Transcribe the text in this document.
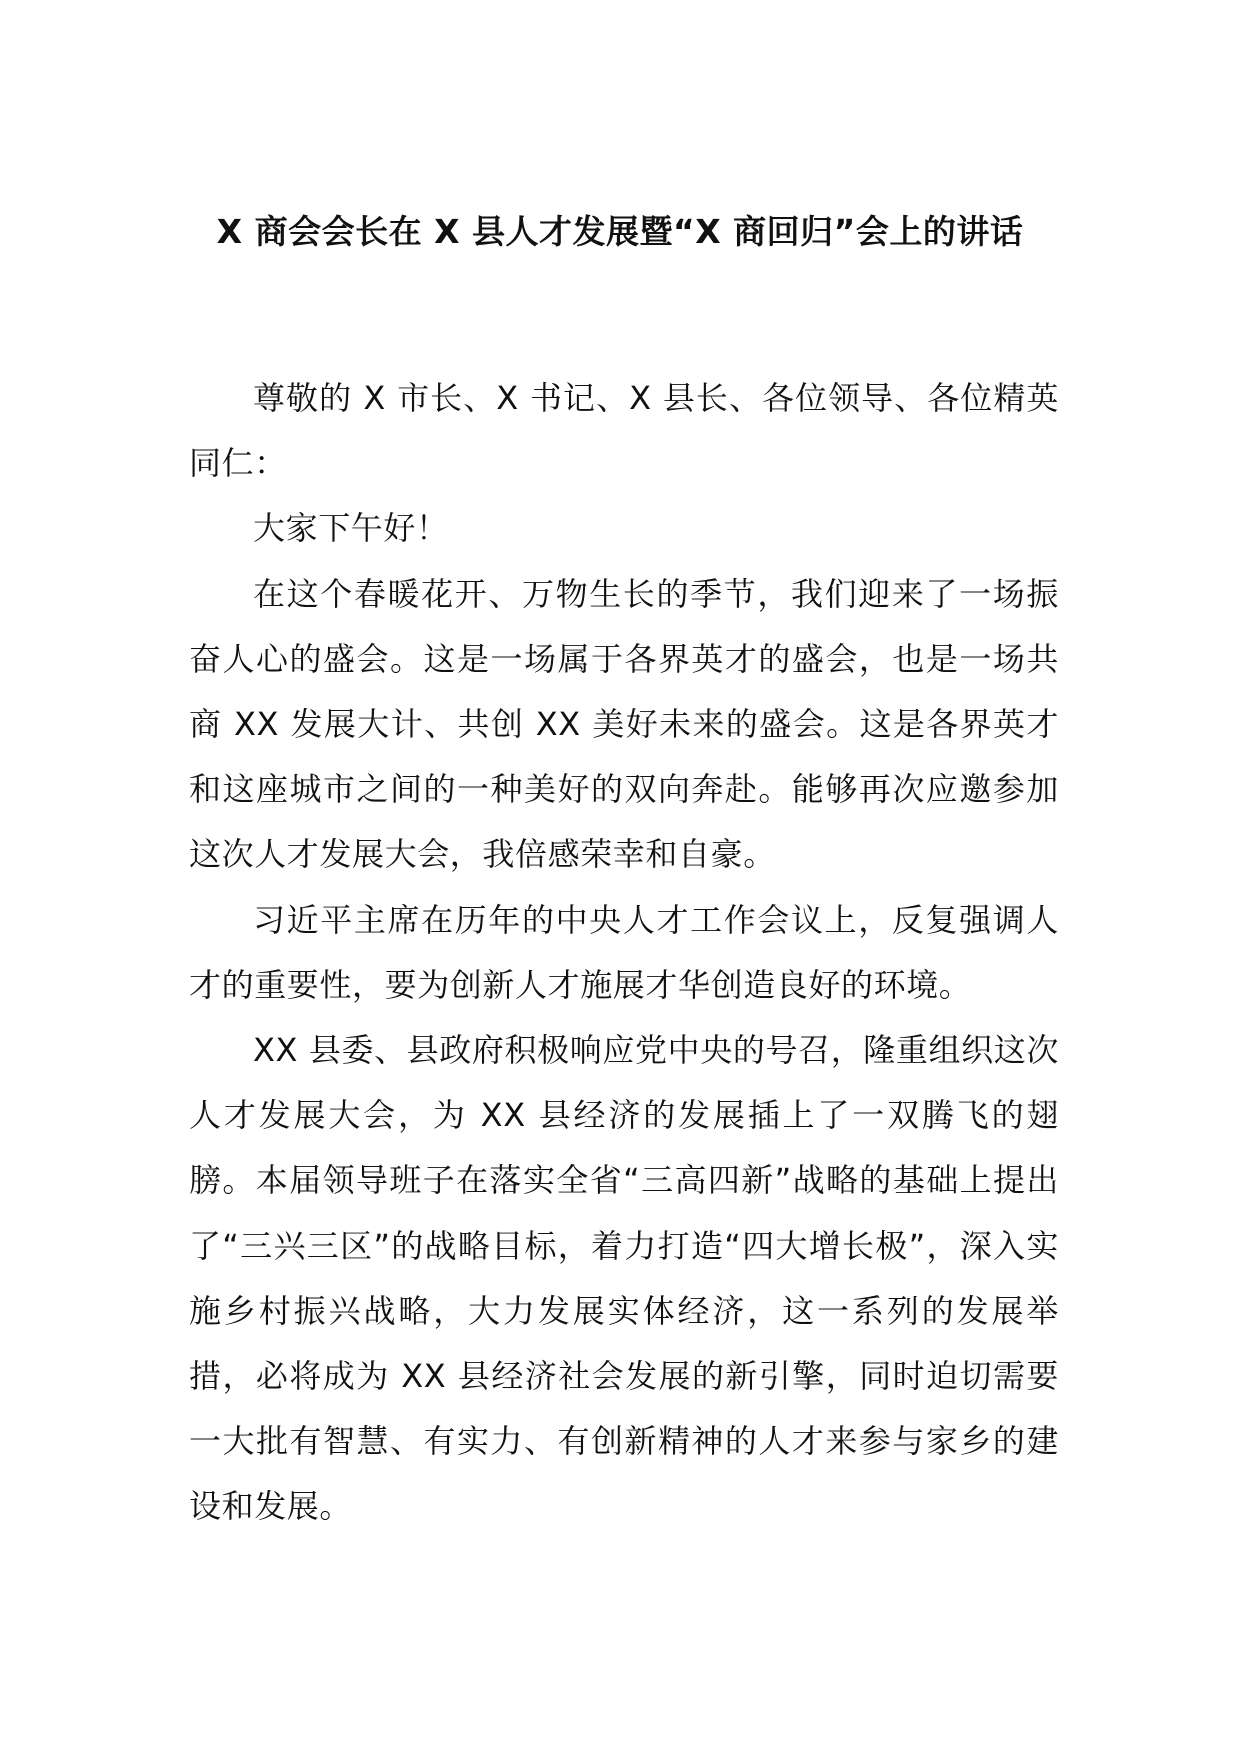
X 商会会长在 X 县人才发展暨“X 商回归”会上的讲话

尊敬的 X 市长、X 书记、X 县长、各位领导、各位精英同仁：

大家下午好！

在这个春暖花开、万物生长的季节，我们迎来了一场振奋人心的盛会。这是一场属于各界英才的盛会，也是一场共商 XX 发展大计、共创 XX 美好未来的盛会。这是各界英才和这座城市之间的一种美好的双向奔赴。能够再次应邀参加这次人才发展大会，我倍感荣幸和自豪。

习近平主席在历年的中央人才工作会议上，反复强调人才的重要性，要为创新人才施展才华创造良好的环境。

XX 县委、县政府积极响应党中央的号召，隆重组织这次人才发展大会，为 XX 县经济的发展插上了一双腾飞的翅膀。本届领导班子在落实全省“三高四新”战略的基础上提出了“三兴三区”的战略目标，着力打造“四大增长极”，深入实施乡村振兴战略，大力发展实体经济，这一系列的发展举措，必将成为 XX 县经济社会发展的新引擎，同时迫切需要一大批有智慧、有实力、有创新精神的人才来参与家乡的建设和发展。
